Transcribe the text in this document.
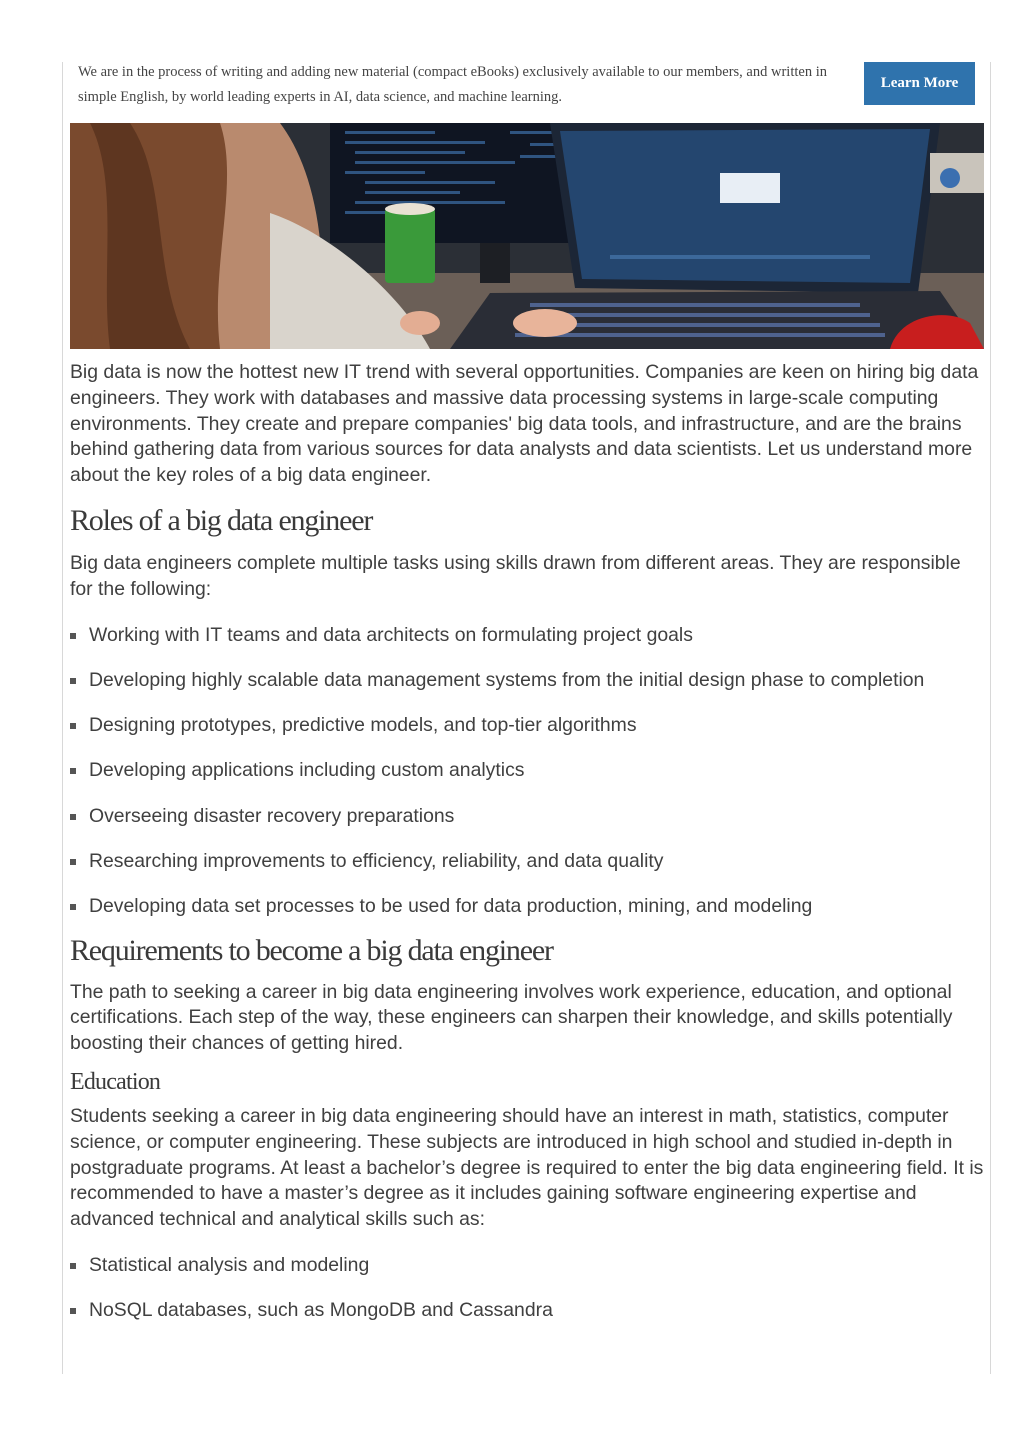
We are in the process of writing and adding new material (compact eBooks) exclusively available to our members, and written in simple English, by world leading experts in AI, data science, and machine learning.
Learn More

Big data is now the hottest new IT trend with several opportunities. Companies are keen on hiring big data engineers. They work with databases and massive data processing systems in large-scale computing environments. They create and prepare companies' big data tools, and infrastructure, and are the brains behind gathering data from various sources for data analysts and data scientists. Let us understand more about the key roles of a big data engineer.

Roles of a big data engineer

Big data engineers complete multiple tasks using skills drawn from different areas. They are responsible for the following:

Working with IT teams and data architects on formulating project goals
Developing highly scalable data management systems from the initial design phase to completion
Designing prototypes, predictive models, and top-tier algorithms
Developing applications including custom analytics
Overseeing disaster recovery preparations
Researching improvements to efficiency, reliability, and data quality
Developing data set processes to be used for data production, mining, and modeling
Requirements to become a big data engineer

The path to seeking a career in big data engineering involves work experience, education, and optional certifications. Each step of the way, these engineers can sharpen their knowledge, and skills potentially boosting their chances of getting hired.

Education

Students seeking a career in big data engineering should have an interest in math, statistics, computer science, or computer engineering. These subjects are introduced in high school and studied in-depth in postgraduate programs. At least a bachelor’s degree is required to enter the big data engineering field. It is recommended to have a master’s degree as it includes gaining software engineering expertise and advanced technical and analytical skills such as:

Statistical analysis and modeling
NoSQL databases, such as MongoDB and Cassandra
